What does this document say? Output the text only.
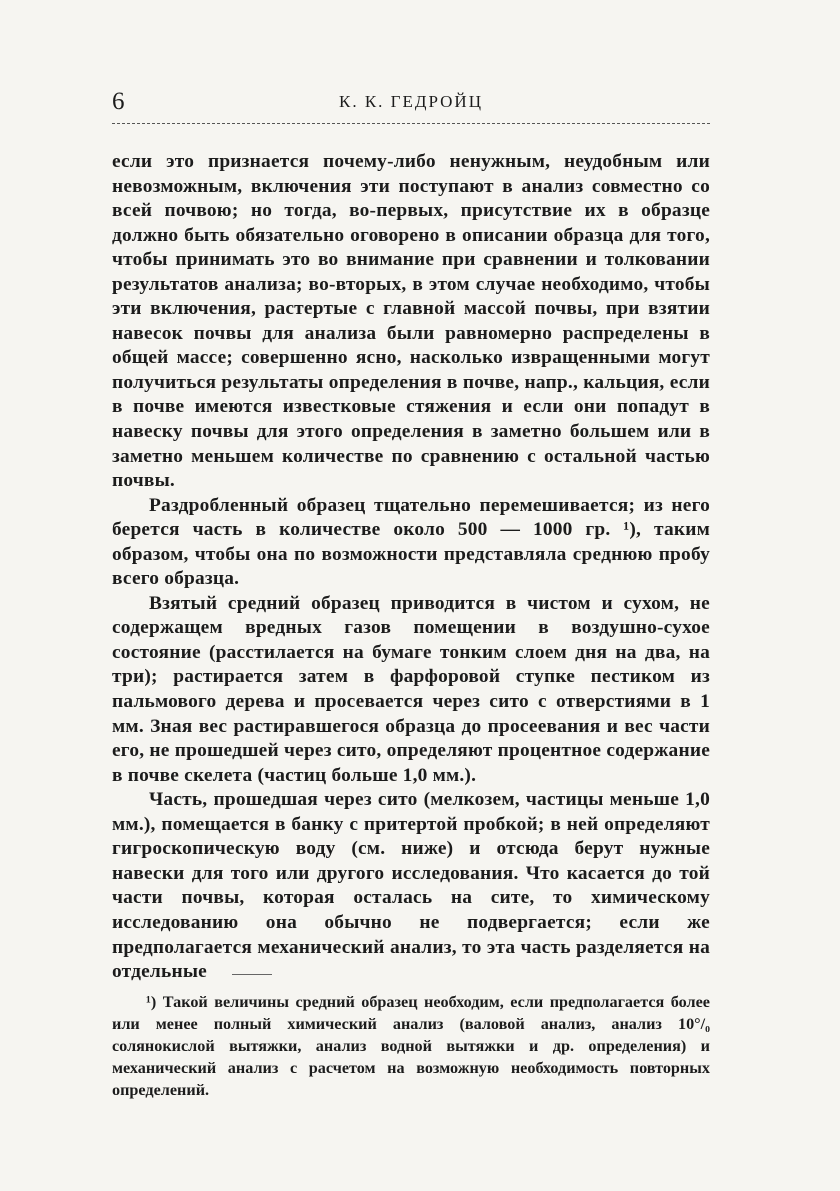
6	К. К. ГЕДРОЙЦ

если это признается почему-либо ненужным, неудобным или невозможным, включения эти поступают в анализ совместно со всей почвою; но тогда, во-первых, присутствие их в образце должно быть обязательно оговорено в описании образца для того, чтобы принимать это во внимание при сравнении и толковании результатов анализа; во-вторых, в этом случае необходимо, чтобы эти включения, растертые с главной массой почвы, при взятии навесок почвы для анализа были равномерно распределены в общей массе; совершенно ясно, насколько извращенными могут получиться результаты определения в почве, напр., кальция, если в почве имеются известковые стяжения и если они попадут в навеску почвы для этого определения в заметно большем или в заметно меньшем количестве по сравнению с остальной частью почвы.

Раздробленный образец тщательно перемешивается; из него берется часть в количестве около 500 — 1000 гр. ¹), таким образом, чтобы она по возможности представляла среднюю пробу всего образца.

Взятый средний образец приводится в чистом и сухом, не содержащем вредных газов помещении в воздушно-сухое состояние (расстилается на бумаге тонким слоем дня на два, на три); растирается затем в фарфоровой ступке пестиком из пальмового дерева и просевается через сито с отверстиями в 1 мм. Зная вес растиравшегося образца до просеевания и вес части его, не прошедшей через сито, определяют процентное содержание в почве скелета (частиц больше 1,0 мм.).

Часть, прошедшая через сито (мелкозем, частицы меньше 1,0 мм.), помещается в банку с притертой пробкой; в ней определяют гигроскопическую воду (см. ниже) и отсюда берут нужные навески для того или другого исследования. Что касается до той части почвы, которая осталась на сите, то химическому исследованию она обычно не подвергается; если же предполагается механический анализ, то эта часть разделяется на отдельные

¹) Такой величины средний образец необходим, если предполагается более или менее полный химический анализ (валовой анализ, анализ 10°/₀ солянокислой вытяжки, анализ водной вытяжки и др. определения) и механический анализ с расчетом на возможную необходимость повторных определений.
